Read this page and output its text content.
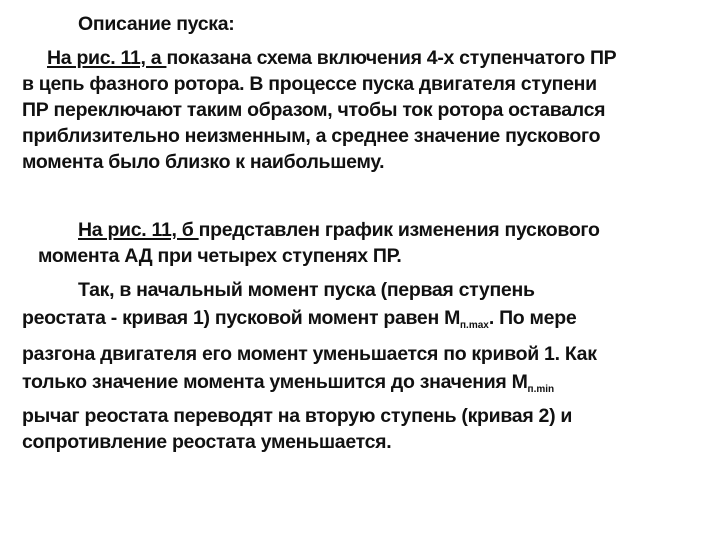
Описание пуска:
На рис. 11, а показана схема включения 4-х ступенчатого ПР
в цепь фазного ротора. В процессе пуска двигателя ступени
ПР переключают таким образом, чтобы ток ротора оставался
приблизительно неизменным, а среднее значение пускового
момента было близко к наибольшему.
На рис. 11, б представлен график изменения пускового
момента АД при четырех ступенях ПР.
Так, в начальный момент пуска (первая ступень
реостата - кривая 1) пусковой момент равен $М_{п.max}$. По мере
разгона двигателя его момент уменьшается по кривой 1. Как
только значение момента уменьшится до значения $М_{п.min}$
рычаг реостата переводят на вторую ступень (кривая 2) и
сопротивление реостата уменьшается.
